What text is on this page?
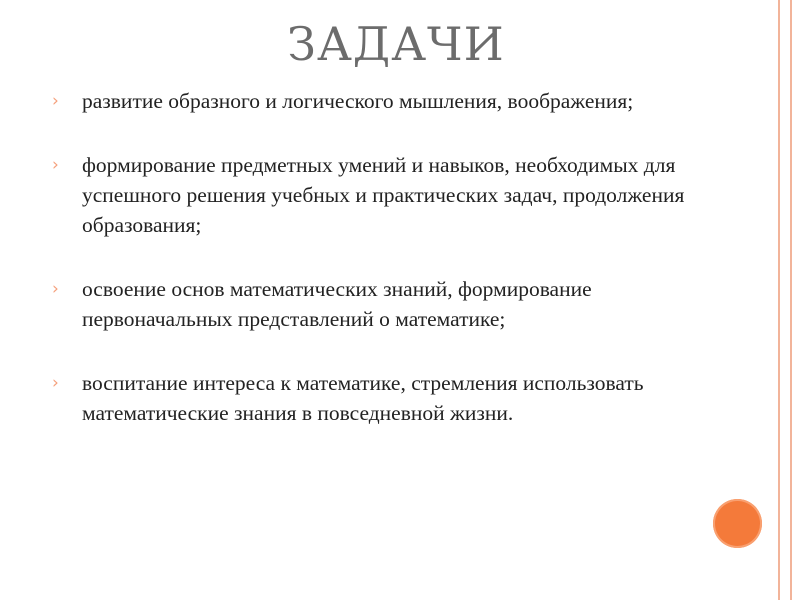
ЗАДАЧИ
›	развитие образного и логического мышления, воображения;
›	формирование предметных умений и навыков, необходимых для успешного решения учебных и практических задач, продолжения образования;
›	освоение основ математических знаний, формирование первоначальных представлений о математике;
›	воспитание интереса к математике, стремления использовать математические знания в повседневной жизни.
